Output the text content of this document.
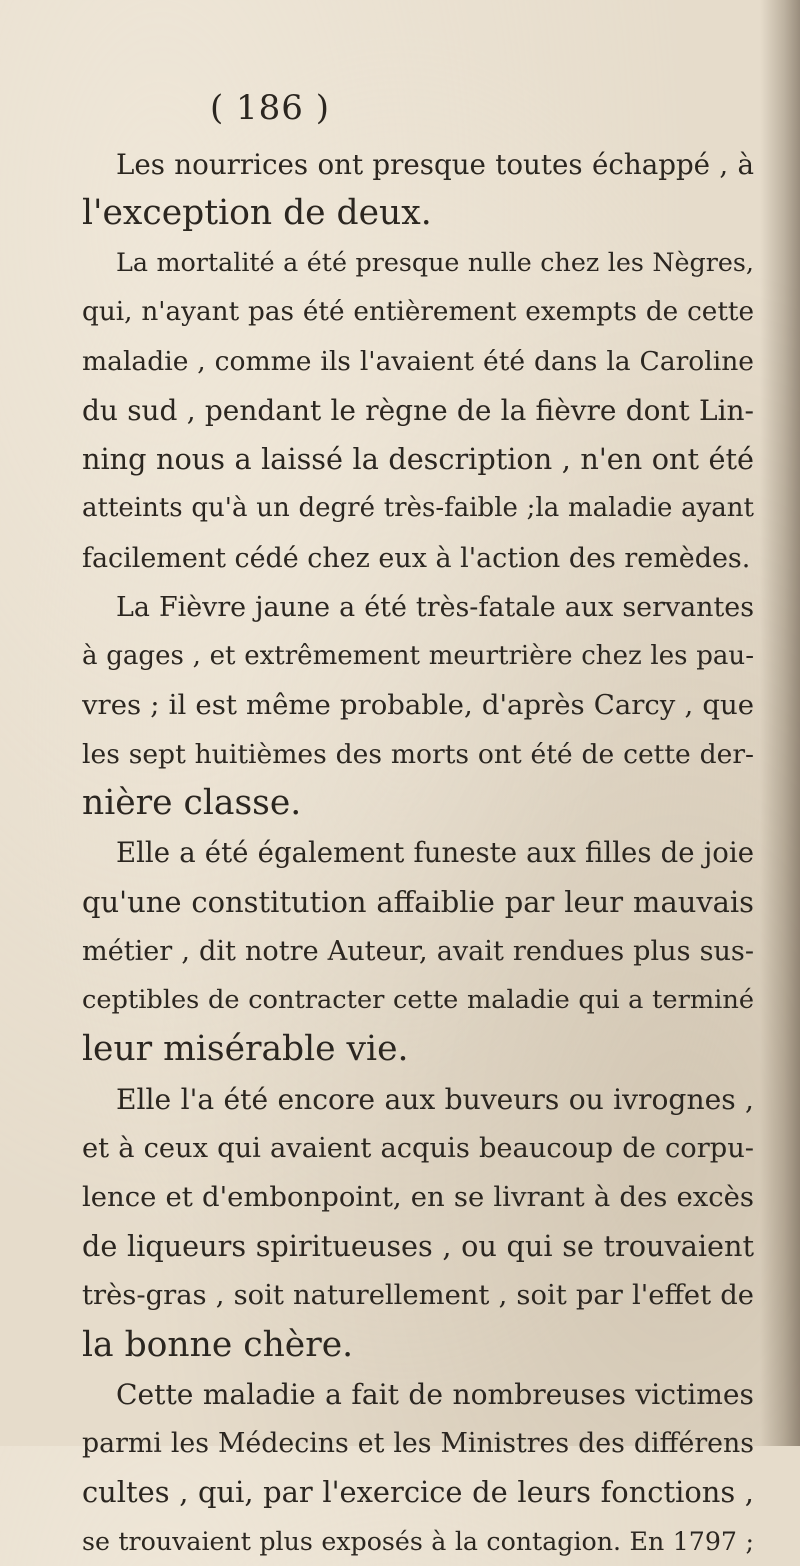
( 186 )
Les nourrices ont presque toutes échappé , à
l'exception de deux.
La mortalité a été presque nulle chez les Nègres,
qui, n'ayant pas été entièrement exempts de cette
maladie , comme ils l'avaient été dans la Caroline
du sud , pendant le règne de la fièvre dont Lin-
ning nous a laissé la description , n'en ont été
atteints qu'à un degré très-faible ;la maladie ayant
facilement cédé chez eux à l'action des remèdes.
La Fièvre jaune a été très-fatale aux servantes
à gages , et extrêmement meurtrière chez les pau-
vres ; il est même probable, d'après Carcy , que
les sept huitièmes des morts ont été de cette der-
nière classe.
Elle a été également funeste aux filles de joie
qu'une constitution affaiblie par leur mauvais
métier , dit notre Auteur, avait rendues plus sus-
ceptibles de contracter cette maladie qui a terminé
leur misérable vie.
Elle l'a été encore aux buveurs ou ivrognes ,
et à ceux qui avaient acquis beaucoup de corpu-
lence et d'embonpoint, en se livrant à des excès
de liqueurs spiritueuses , ou qui se trouvaient
très-gras , soit naturellement , soit par l'effet de
la bonne chère.
Cette maladie a fait de nombreuses victimes
parmi les Médecins et les Ministres des différens
cultes , qui, par l'exercice de leurs fonctions ,
se trouvaient plus exposés à la contagion. En 1797 ;
